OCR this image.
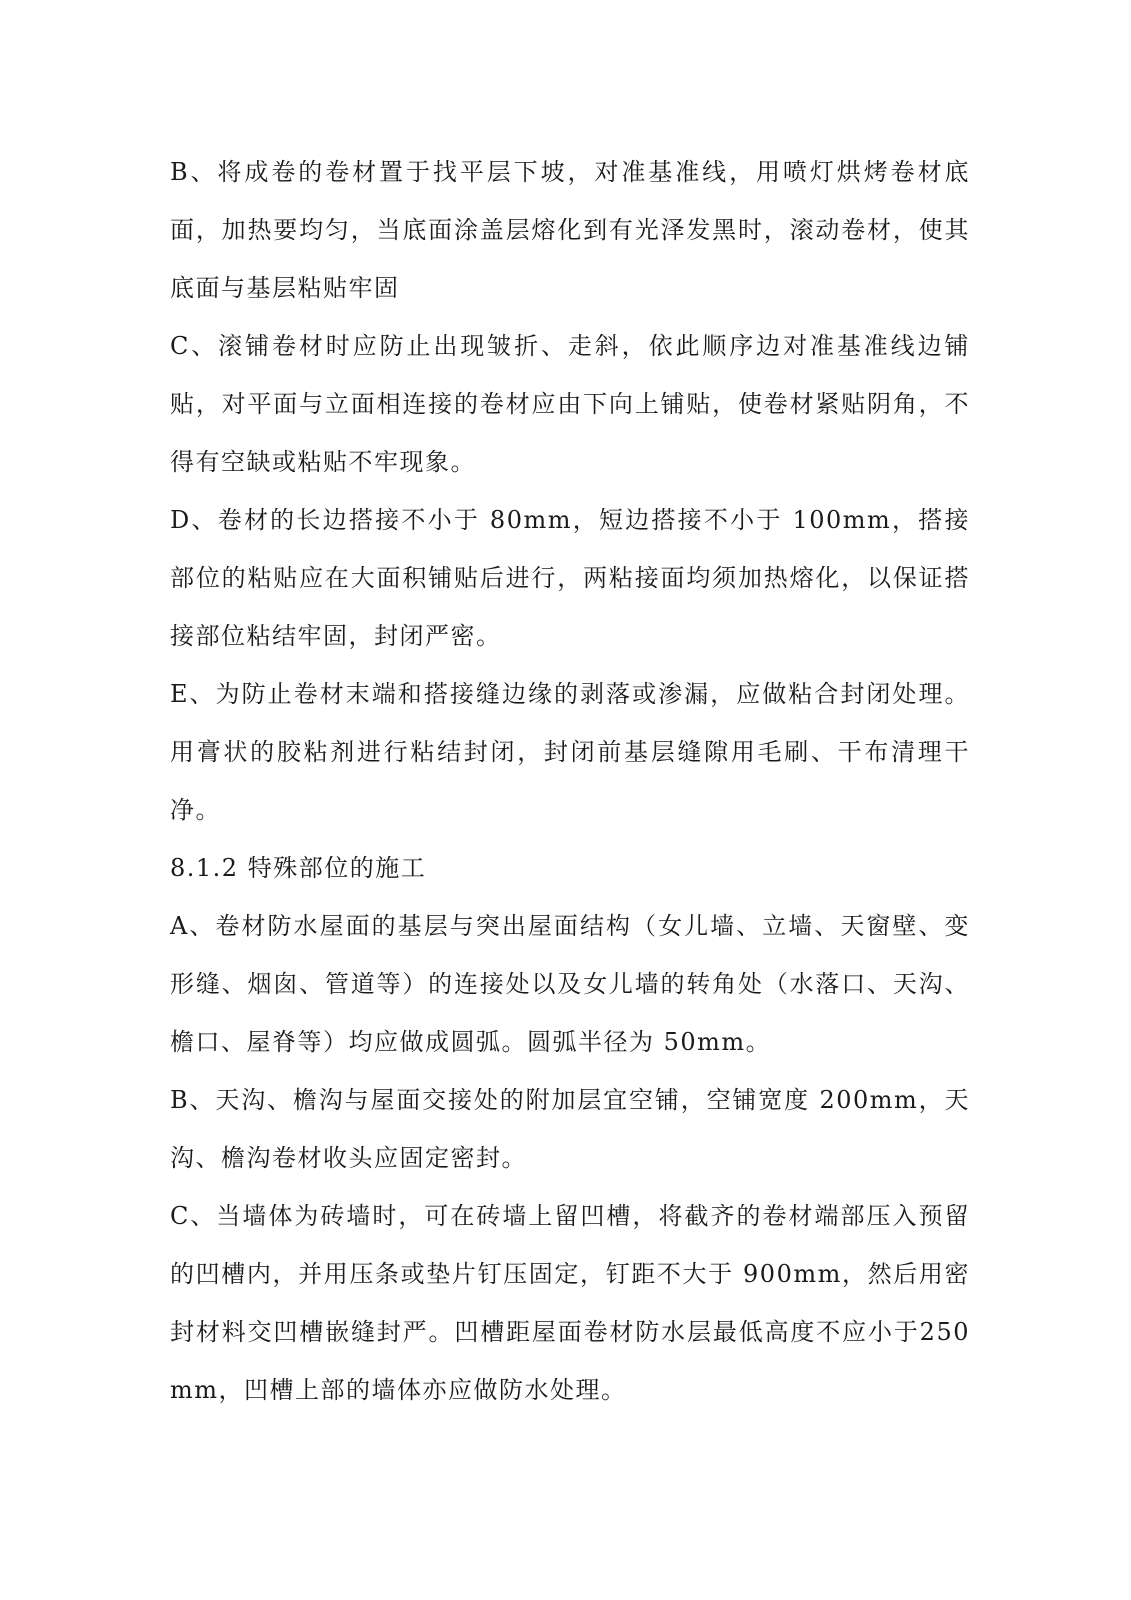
B、将成卷的卷材置于找平层下坡，对准基准线，用喷灯烘烤卷材底面，加热要均匀，当底面涂盖层熔化到有光泽发黑时，滚动卷材，使其底面与基层粘贴牢固

C、滚铺卷材时应防止出现皱折、走斜，依此顺序边对准基准线边铺贴，对平面与立面相连接的卷材应由下向上铺贴，使卷材紧贴阴角，不得有空缺或粘贴不牢现象。

D、卷材的长边搭接不小于 80mm，短边搭接不小于 100mm，搭接部位的粘贴应在大面积铺贴后进行，两粘接面均须加热熔化，以保证搭接部位粘结牢固，封闭严密。

E、为防止卷材末端和搭接缝边缘的剥落或渗漏，应做粘合封闭处理。用膏状的胶粘剂进行粘结封闭，封闭前基层缝隙用毛刷、干布清理干净。

8.1.2 特殊部位的施工

A、卷材防水屋面的基层与突出屋面结构（女儿墙、立墙、天窗壁、变形缝、烟囱、管道等）的连接处以及女儿墙的转角处（水落口、天沟、檐口、屋脊等）均应做成圆弧。圆弧半径为 50mm。

B、天沟、檐沟与屋面交接处的附加层宜空铺，空铺宽度 200mm，天沟、檐沟卷材收头应固定密封。

C、当墙体为砖墙时，可在砖墙上留凹槽，将截齐的卷材端部压入预留的凹槽内，并用压条或垫片钉压固定，钉距不大于 900mm，然后用密封材料交凹槽嵌缝封严。凹槽距屋面卷材防水层最低高度不应小于250mm，凹槽上部的墙体亦应做防水处理。
